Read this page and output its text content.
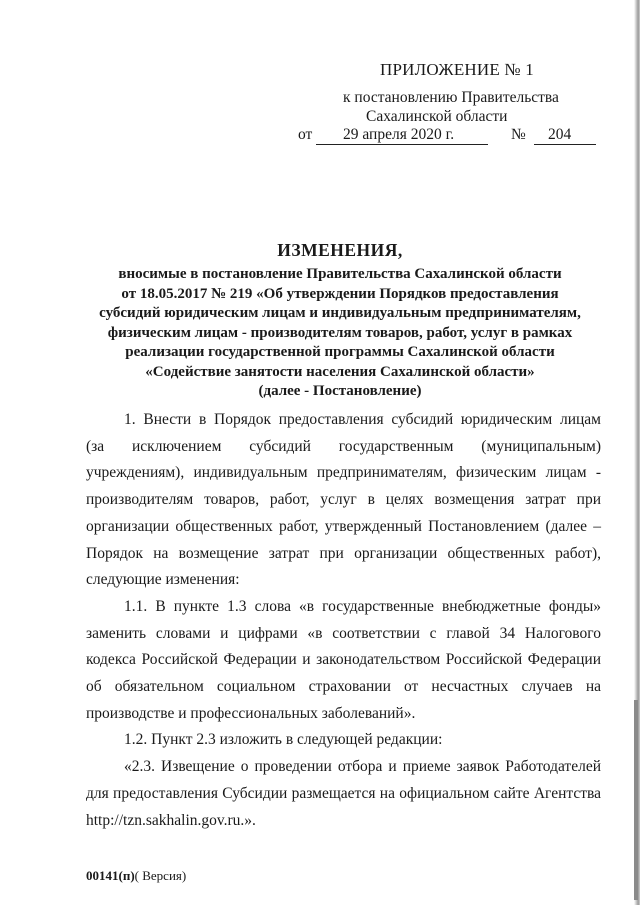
ПРИЛОЖЕНИЕ № 1
к постановлению Правительства
Сахалинской области
от 29 апреля 2020 г.	№ 204
ИЗМЕНЕНИЯ,
вносимые в постановление Правительства Сахалинской области
от 18.05.2017 № 219 «Об утверждении Порядков предоставления
субсидий юридическим лицам и индивидуальным предпринимателям,
физическим лицам - производителям товаров, работ, услуг в рамках
реализации государственной программы Сахалинской области
«Содействие занятости населения Сахалинской области»
(далее - Постановление)
1. Внести в Порядок предоставления субсидий юридическим лицам
(за исключением субсидий государственным (муниципальным)
учреждениям), индивидуальным предпринимателям, физическим лицам -
производителям товаров, работ, услуг в целях возмещения затрат при
организации общественных работ, утвержденный Постановлением (далее –
Порядок на возмещение затрат при организации общественных работ),
следующие изменения:
1.1. В пункте 1.3 слова «в государственные внебюджетные фонды»
заменить словами и цифрами «в соответствии с главой 34 Налогового
кодекса Российской Федерации и законодательством Российской Федерации
об обязательном социальном страховании от несчастных случаев на
производстве и профессиональных заболеваний».
1.2. Пункт 2.3 изложить в следующей редакции:
«2.3. Извещение о проведении отбора и приеме заявок Работодателей
для предоставления Субсидии размещается на официальном сайте Агентства
http://tzn.sakhalin.gov.ru.».
00141(п)( Версия)
